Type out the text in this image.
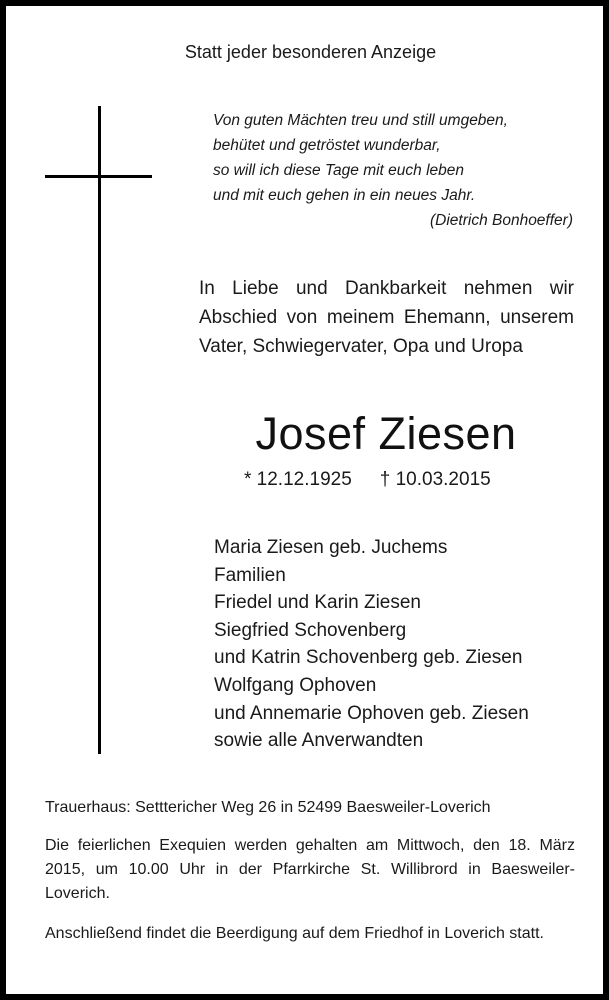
Statt jeder besonderen Anzeige
Von guten Mächten treu und still umgeben,
behütet und getröstet wunderbar,
so will ich diese Tage mit euch leben
und mit euch gehen in ein neues Jahr.
(Dietrich Bonhoeffer)
In Liebe und Dankbarkeit nehmen wir Abschied von meinem Ehemann, unserem Vater, Schwiegervater, Opa und Uropa
Josef Ziesen
* 12.12.1925 † 10.03.2015
Maria Ziesen geb. Juchems
Familien
Friedel und Karin Ziesen
Siegfried Schovenberg
und Katrin Schovenberg geb. Ziesen
Wolfgang Ophoven
und Annemarie Ophoven geb. Ziesen
sowie alle Anverwandten
Trauerhaus: Setttericher Weg 26 in 52499 Baesweiler-Loverich
Die feierlichen Exequien werden gehalten am Mittwoch, den 18. März 2015, um 10.00 Uhr in der Pfarrkirche St. Willibrord in Baesweiler-Loverich.
Anschließend findet die Beerdigung auf dem Friedhof in Loverich statt.
